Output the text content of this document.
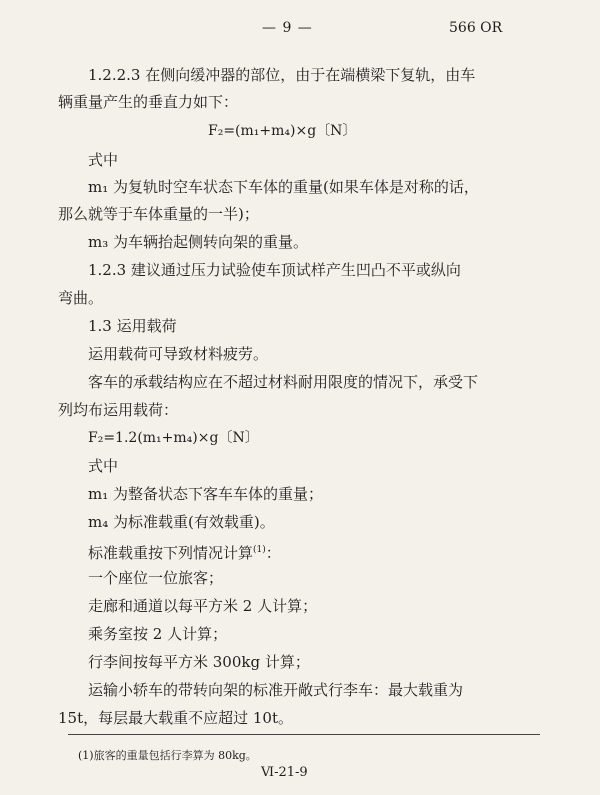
— 9 —	566 OR
1.2.2.3 在侧向缓冲器的部位，由于在端横梁下复轨，由车
辆重量产生的垂直力如下：
F₂=(m₁+m₄)×g〔N〕
式中
m₁ 为复轨时空车状态下车体的重量(如果车体是对称的话，
那么就等于车体重量的一半)；
m₃ 为车辆抬起侧转向架的重量。
1.2.3 建议通过压力试验使车顶试样产生凹凸不平或纵向
弯曲。
1.3 运用载荷
运用载荷可导致材料疲劳。
客车的承载结构应在不超过材料耐用限度的情况下，承受下
列均布运用载荷：
F₂=1.2(m₁+m₄)×g〔N〕
式中
m₁ 为整备状态下客车车体的重量；
m₄ 为标准载重(有效载重)。
标准载重按下列情况计算$^{(1)}$：
一个座位一位旅客；
走廊和通道以每平方米 2 人计算；
乘务室按 2 人计算；
行李间按每平方米 300kg 计算；
运输小轿车的带转向架的标准开敞式行李车：最大载重为
15t，每层最大载重不应超过 10t。
(1)旅客的重量包括行李算为 80kg。
Ⅵ-21-9
